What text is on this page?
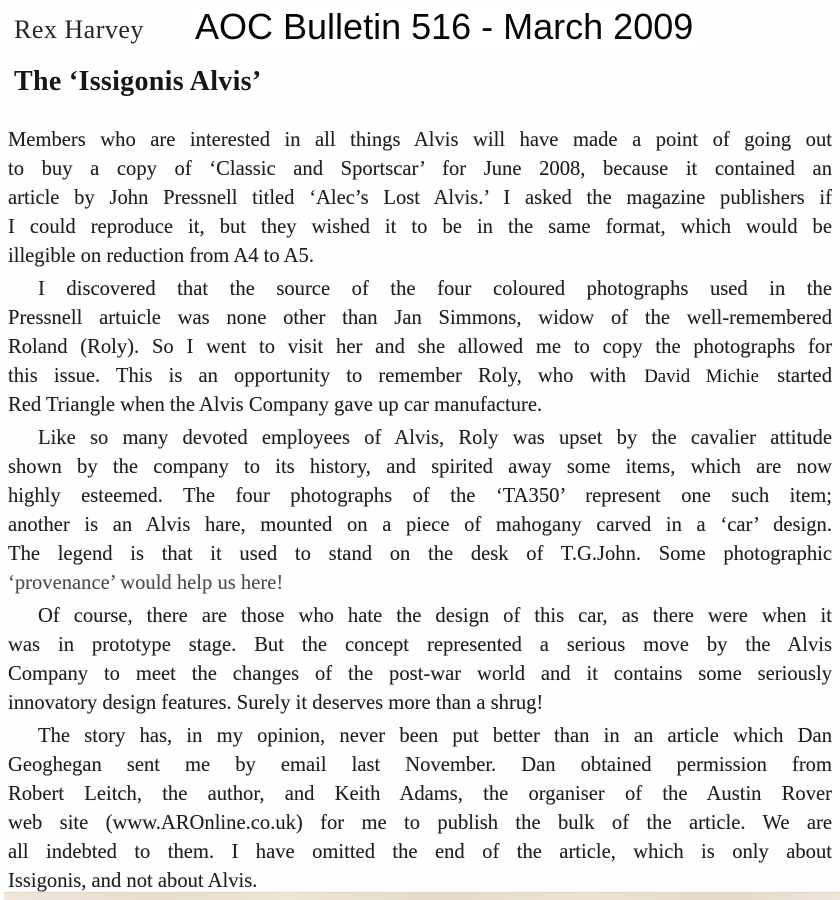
Rex Harvey AOC Bulletin 516 - March 2009
The ‘Issigonis Alvis’
Members who are interested in all things Alvis will have made a point of going out
to buy a copy of ‘Classic and Sportscar’ for June 2008, because it contained an
article by John Pressnell titled ‘Alec’s Lost Alvis.’ I asked the magazine publishers if
I could reproduce it, but they wished it to be in the same format, which would be
illegible on reduction from A4 to A5.
I discovered that the source of the four coloured photographs used in the
Pressnell artuicle was none other than Jan Simmons, widow of the well-remembered
Roland (Roly). So I went to visit her and she allowed me to copy the photographs for
this issue. This is an opportunity to remember Roly, who with David Michie started
Red Triangle when the Alvis Company gave up car manufacture.
Like so many devoted employees of Alvis, Roly was upset by the cavalier attitude
shown by the company to its history, and spirited away some items, which are now
highly esteemed. The four photographs of the ‘TA350’ represent one such item;
another is an Alvis hare, mounted on a piece of mahogany carved in a ‘car’ design.
The legend is that it used to stand on the desk of T.G.John. Some photographic
‘provenance’ would help us here!
Of course, there are those who hate the design of this car, as there were when it
was in prototype stage. But the concept represented a serious move by the Alvis
Company to meet the changes of the post-war world and it contains some seriously
innovatory design features. Surely it deserves more than a shrug!
The story has, in my opinion, never been put better than in an article which Dan
Geoghegan sent me by email last November. Dan obtained permission from
Robert Leitch, the author, and Keith Adams, the organiser of the Austin Rover
web site (www.AROnline.co.uk) for me to publish the bulk of the article. We are
all indebted to them. I have omitted the end of the article, which is only about
Issigonis, and not about Alvis.
